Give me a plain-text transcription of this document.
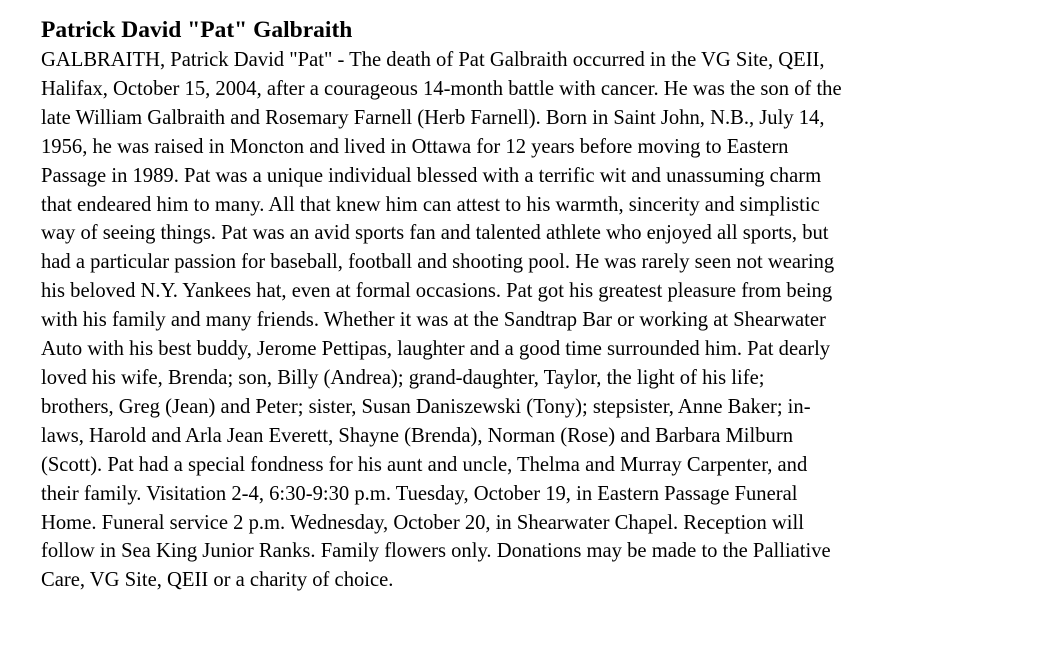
Patrick David "Pat" Galbraith
GALBRAITH, Patrick David "Pat" - The death of Pat Galbraith occurred in the VG Site, QEII,
Halifax, October 15, 2004, after a courageous 14-month battle with cancer. He was the son of the
late William Galbraith and Rosemary Farnell (Herb Farnell). Born in Saint John, N.B., July 14,
1956, he was raised in Moncton and lived in Ottawa for 12 years before moving to Eastern
Passage in 1989. Pat was a unique individual blessed with a terrific wit and unassuming charm
that endeared him to many. All that knew him can attest to his warmth, sincerity and simplistic
way of seeing things. Pat was an avid sports fan and talented athlete who enjoyed all sports, but
had a particular passion for baseball, football and shooting pool. He was rarely seen not wearing
his beloved N.Y. Yankees hat, even at formal occasions. Pat got his greatest pleasure from being
with his family and many friends. Whether it was at the Sandtrap Bar or working at Shearwater
Auto with his best buddy, Jerome Pettipas, laughter and a good time surrounded him. Pat dearly
loved his wife, Brenda; son, Billy (Andrea); grand-daughter, Taylor, the light of his life;
brothers, Greg (Jean) and Peter; sister, Susan Daniszewski (Tony); stepsister, Anne Baker; in-
laws, Harold and Arla Jean Everett, Shayne (Brenda), Norman (Rose) and Barbara Milburn
(Scott). Pat had a special fondness for his aunt and uncle, Thelma and Murray Carpenter, and
their family. Visitation 2-4, 6:30-9:30 p.m. Tuesday, October 19, in Eastern Passage Funeral
Home. Funeral service 2 p.m. Wednesday, October 20, in Shearwater Chapel. Reception will
follow in Sea King Junior Ranks. Family flowers only. Donations may be made to the Palliative
Care, VG Site, QEII or a charity of choice.
